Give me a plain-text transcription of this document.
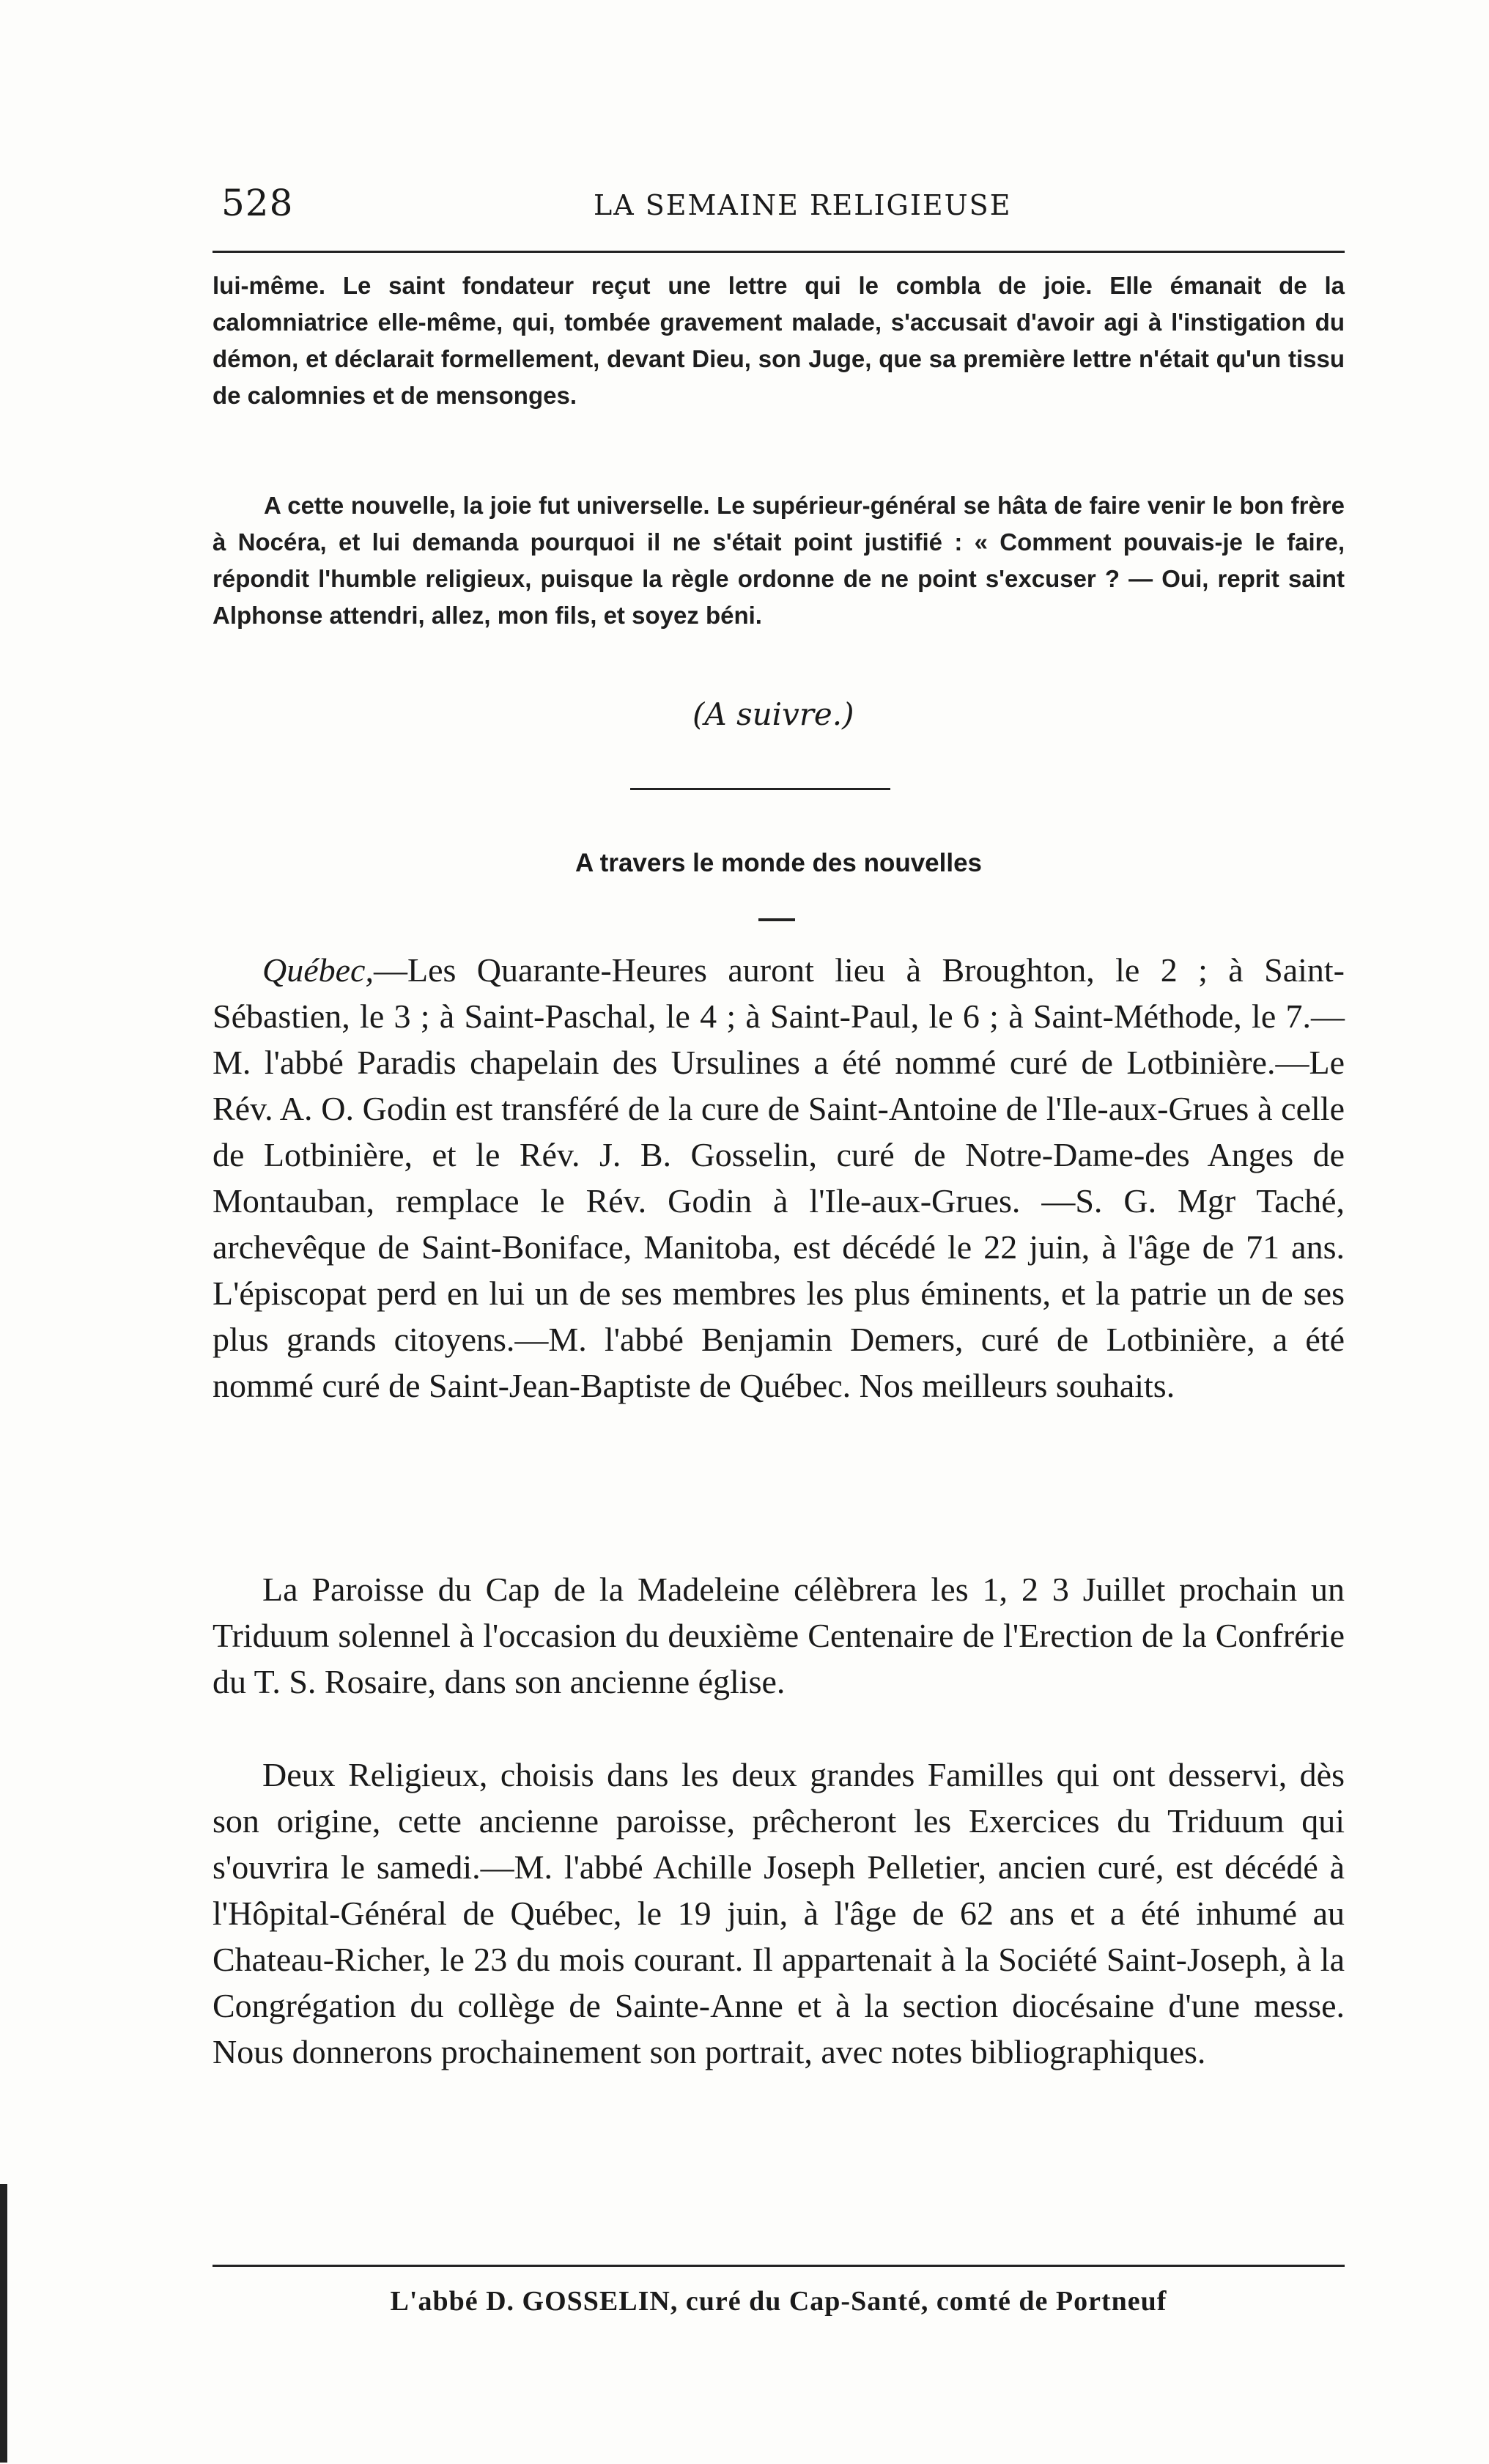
528	LA SEMAINE RELIGIEUSE

lui-même. Le saint fondateur reçut une lettre qui le combla de joie. Elle émanait de la calomniatrice elle-même, qui, tombée gravement malade, s'accusait d'avoir agi à l'instigation du démon, et déclarait formellement, devant Dieu, son Juge, que sa première lettre n'était qu'un tissu de calomnies et de mensonges.

A cette nouvelle, la joie fut universelle. Le supérieur-général se hâta de faire venir le bon frère à Nocéra, et lui demanda pourquoi il ne s'était point justifié : « Comment pouvais-je le faire, répondit l'humble religieux, puisque la règle ordonne de ne point s'excuser ? — Oui, reprit saint Alphonse attendri, allez, mon fils, et soyez béni.

(A suivre.)
A travers le monde des nouvelles

Québec,—Les Quarante-Heures auront lieu à Broughton, le 2 ; à Saint-Sébastien, le 3 ; à Saint-Paschal, le 4 ; à Saint-Paul, le 6 ; à Saint-Méthode, le 7.—M. l'abbé Paradis chapelain des Ursulines a été nommé curé de Lotbinière.—Le Rév. A. O. Godin est transféré de la cure de Saint-Antoine de l'Ile-aux-Grues à celle de Lotbinière, et le Rév. J. B. Gosselin, curé de Notre-Dame-des Anges de Montauban, remplace le Rév. Godin à l'Ile-aux-Grues. —S. G. Mgr Taché, archevêque de Saint-Boniface, Manitoba, est décédé le 22 juin, à l'âge de 71 ans. L'épiscopat perd en lui un de ses membres les plus éminents, et la patrie un de ses plus grands citoyens.—M. l'abbé Benjamin Demers, curé de Lotbinière, a été nommé curé de Saint-Jean-Baptiste de Québec. Nos meilleurs souhaits.

La Paroisse du Cap de la Madeleine célèbrera les 1, 2 3 Juillet prochain un Triduum solennel à l'occasion du deuxième Centenaire de l'Erection de la Confrérie du T. S. Rosaire, dans son ancienne église.

Deux Religieux, choisis dans les deux grandes Familles qui ont desservi, dès son origine, cette ancienne paroisse, prêcheront les Exercices du Triduum qui s'ouvrira le samedi.—M. l'abbé Achille Joseph Pelletier, ancien curé, est décédé à l'Hôpital-Général de Québec, le 19 juin, à l'âge de 62 ans et a été inhumé au Chateau-Richer, le 23 du mois courant. Il appartenait à la Société Saint-Joseph, à la Congrégation du collège de Sainte-Anne et à la section diocésaine d'une messe. Nous donnerons prochainement son portrait, avec notes bibliographiques.

L'abbé D. GOSSELIN, curé du Cap-Santé, comté de Portneuf
